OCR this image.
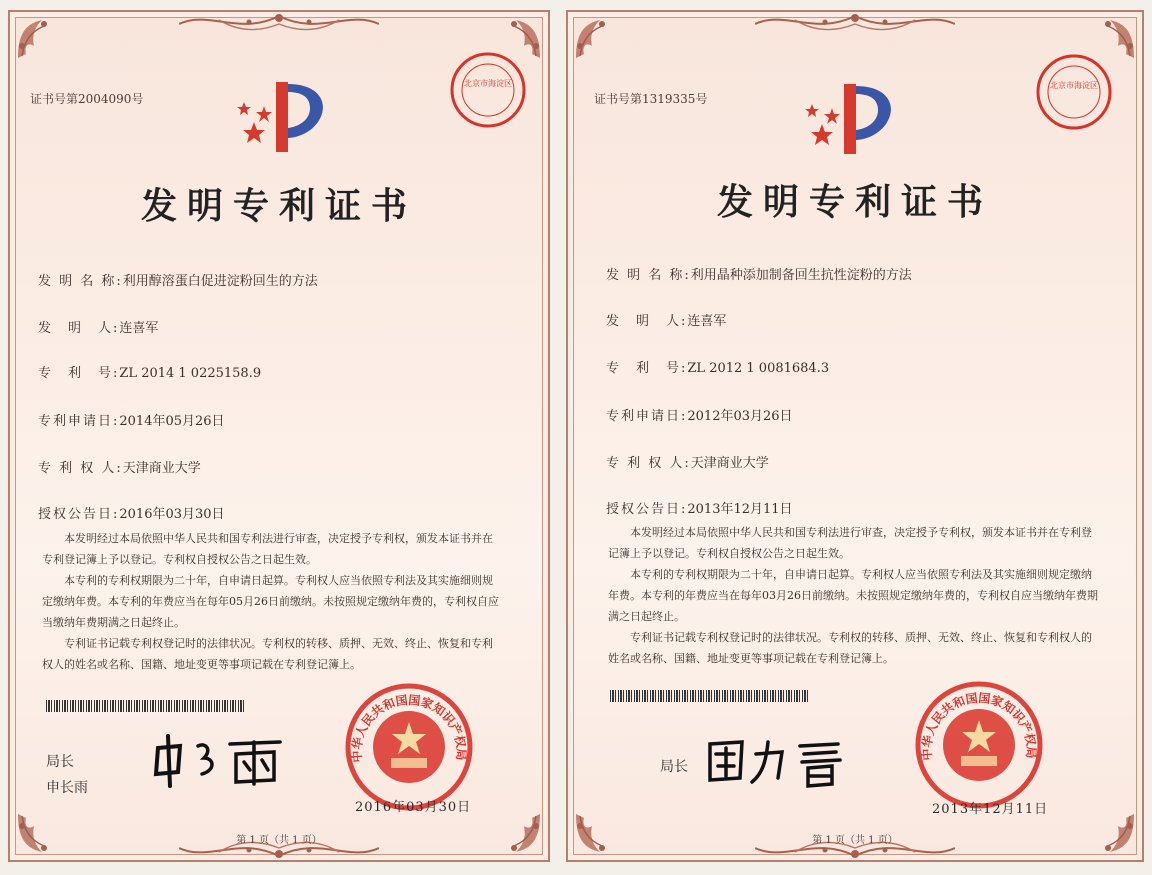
证书号第2004090号
北京市海淀区
发明专利证书
发 明 名 称:利用醇溶蛋白促进淀粉回生的方法
发　明　人:连喜军
专　利　号:ZL 2014 1 0225158.9
专利申请日:2014年05月26日
专 利 权 人:天津商业大学
授权公告日:2016年03月30日

本发明经过本局依照中华人民共和国专利法进行审查，决定授予专利权，颁发本证书并在专利登记簿上予以登记。专利权自授权公告之日起生效。

本专利的专利权期限为二十年，自申请日起算。专利权人应当依照专利法及其实施细则规定缴纳年费。本专利的年费应当在每年05月26日前缴纳。未按照规定缴纳年费的，专利权自应当缴纳年费期满之日起终止。

专利证书记载专利权登记时的法律状况。专利权的转移、质押、无效、终止、恢复和专利权人的姓名或名称、国籍、地址变更等事项记载在专利登记簿上。

局长
申长雨
中华人民共和国国家知识产权局
2016年03月30日
第 1 页（共 1 页）
证书号第1319335号
北京市海淀区
发明专利证书
发 明 名 称:利用晶种添加制备回生抗性淀粉的方法
发　明　人:连喜军
专　利　号:ZL 2012 1 0081684.3
专利申请日:2012年03月26日
专 利 权 人:天津商业大学
授权公告日:2013年12月11日

本发明经过本局依照中华人民共和国专利法进行审查，决定授予专利权，颁发本证书并在专利登记簿上予以登记。专利权自授权公告之日起生效。

本专利的专利权期限为二十年，自申请日起算。专利权人应当依照专利法及其实施细则规定缴纳年费。本专利的年费应当在每年03月26日前缴纳。未按照规定缴纳年费的，专利权自应当缴纳年费期满之日起终止。

专利证书记载专利权登记时的法律状况。专利权的转移、质押、无效、终止、恢复和专利权人的姓名或名称、国籍、地址变更等事项记载在专利登记簿上。

局长
中华人民共和国国家知识产权局
2013年12月11日
第 1 页（共 1 页）
